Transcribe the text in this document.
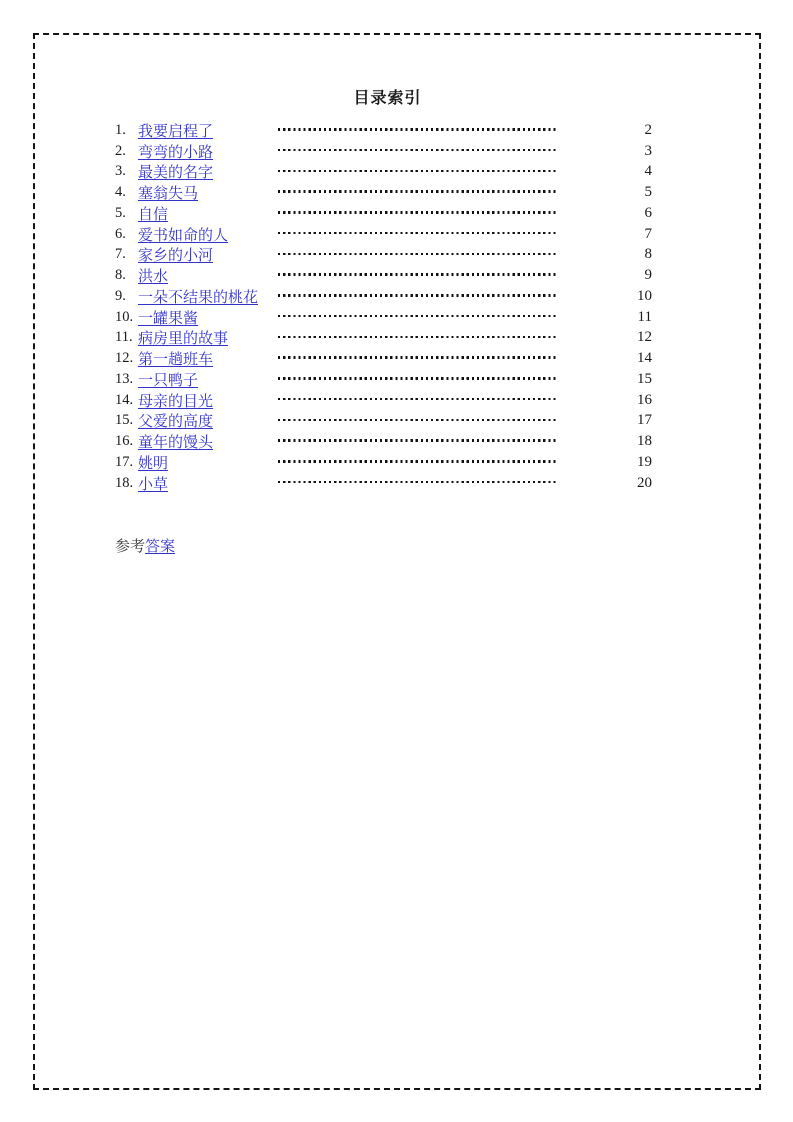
目录索引
1. 我要启程了	2
2. 弯弯的小路	3
3. 最美的名字	4
4. 塞翁失马	5
5. 自信	6
6. 爱书如命的人	7
7. 家乡的小河	8
8. 洪水	9
9. 一朵不结果的桃花	10
10. 一罐果酱	11
11. 病房里的故事	12
12. 第一趟班车	14
13. 一只鸭子	15
14. 母亲的目光	16
15. 父爱的高度	17
16. 童年的馒头	18
17. 姚明	19
18. 小草	20
参考答案
